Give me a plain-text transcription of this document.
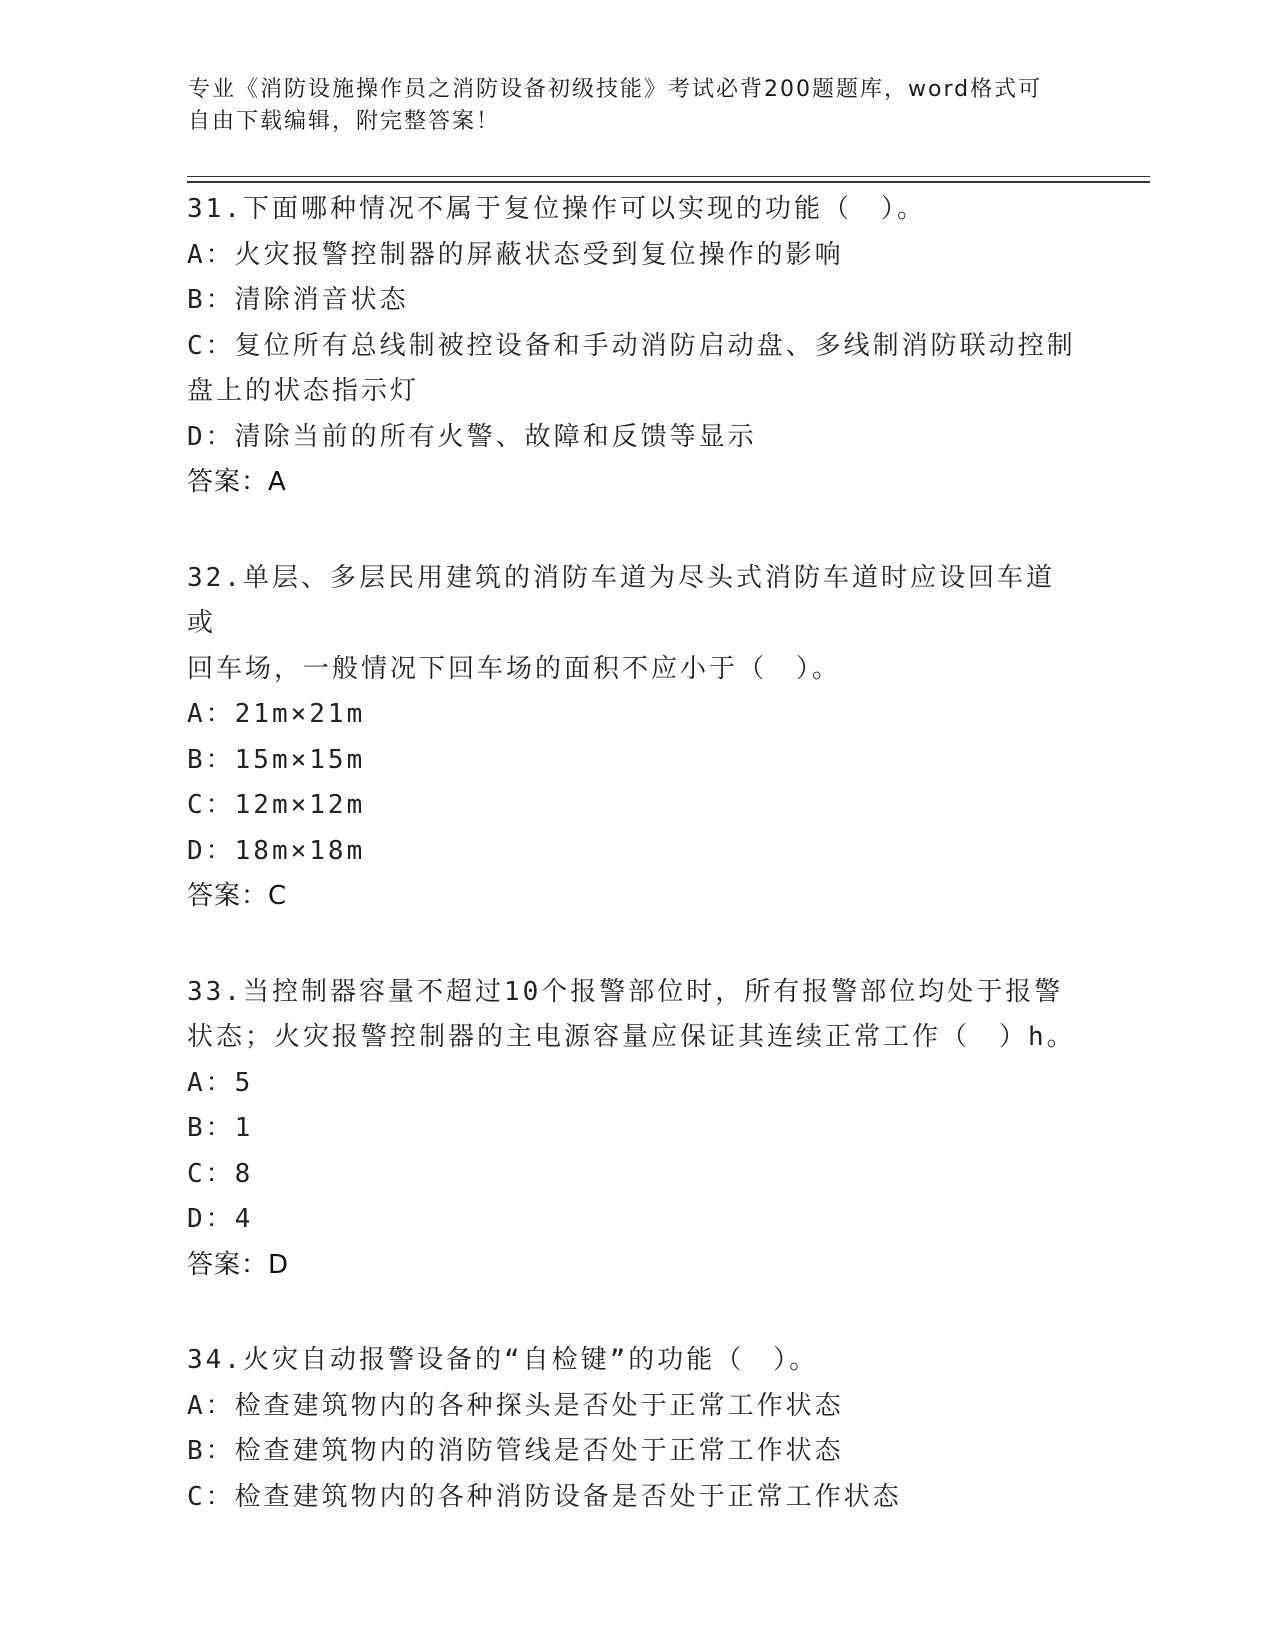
专业《消防设施操作员之消防设备初级技能》考试必背200题题库，word格式可
自由下载编辑，附完整答案！
31.下面哪种情况不属于复位操作可以实现的功能（　）。
A：火灾报警控制器的屏蔽状态受到复位操作的影响
B：清除消音状态
C：复位所有总线制被控设备和手动消防启动盘、多线制消防联动控制
盘上的状态指示灯
D：清除当前的所有火警、故障和反馈等显示
答案：A
32.单层、多层民用建筑的消防车道为尽头式消防车道时应设回车道或
回车场，一般情况下回车场的面积不应小于（　）。
A：21m×21m
B：15m×15m
C：12m×12m
D：18m×18m
答案：C
33.当控制器容量不超过10个报警部位时，所有报警部位均处于报警
状态；火灾报警控制器的主电源容量应保证其连续正常工作（　）h。
A：5
B：1
C：8
D：4
答案：D
34.火灾自动报警设备的“自检键”的功能（　）。
A：检查建筑物内的各种探头是否处于正常工作状态
B：检查建筑物内的消防管线是否处于正常工作状态
C：检查建筑物内的各种消防设备是否处于正常工作状态
